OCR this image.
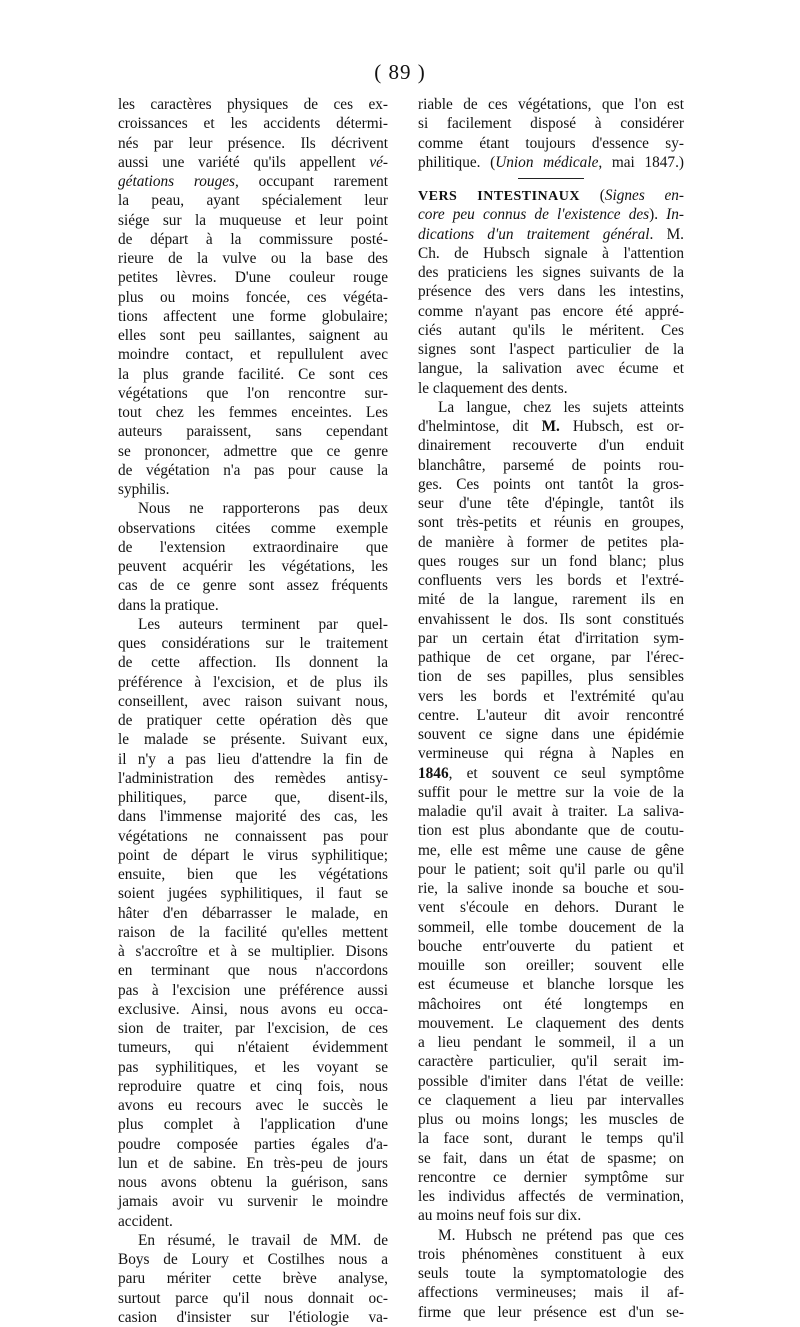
( 89 )
les caractères physiques de ces ex-
croissances et les accidents détermi-
nés par leur présence. Ils décrivent
aussi une variété qu'ils appellent vé-
gétations rouges, occupant rarement
la peau, ayant spécialement leur
siége sur la muqueuse et leur point
de départ à la commissure posté-
rieure de la vulve ou la base des
petites lèvres. D'une couleur rouge
plus ou moins foncée, ces végéta-
tions affectent une forme globulaire;
elles sont peu saillantes, saignent au
moindre contact, et repullulent avec
la plus grande facilité. Ce sont ces
végétations que l'on rencontre sur-
tout chez les femmes enceintes. Les
auteurs paraissent, sans cependant
se prononcer, admettre que ce genre
de végétation n'a pas pour cause la
syphilis.
Nous ne rapporterons pas deux
observations citées comme exemple
de l'extension extraordinaire que
peuvent acquérir les végétations, les
cas de ce genre sont assez fréquents
dans la pratique.
Les auteurs terminent par quel-
ques considérations sur le traitement
de cette affection. Ils donnent la
préférence à l'excision, et de plus ils
conseillent, avec raison suivant nous,
de pratiquer cette opération dès que
le malade se présente. Suivant eux,
il n'y a pas lieu d'attendre la fin de
l'administration des remèdes antisy-
philitiques, parce que, disent-ils,
dans l'immense majorité des cas, les
végétations ne connaissent pas pour
point de départ le virus syphilitique;
ensuite, bien que les végétations
soient jugées syphilitiques, il faut se
hâter d'en débarrasser le malade, en
raison de la facilité qu'elles mettent
à s'accroître et à se multiplier. Disons
en terminant que nous n'accordons
pas à l'excision une préférence aussi
exclusive. Ainsi, nous avons eu occa-
sion de traiter, par l'excision, de ces
tumeurs, qui n'étaient évidemment
pas syphilitiques, et les voyant se
reproduire quatre et cinq fois, nous
avons eu recours avec le succès le
plus complet à l'application d'une
poudre composée parties égales d'a-
lun et de sabine. En très-peu de jours
nous avons obtenu la guérison, sans
jamais avoir vu survenir le moindre
accident.
En résumé, le travail de MM. de
Boys de Loury et Costilhes nous a
paru mériter cette brève analyse,
surtout parce qu'il nous donnait oc-
casion d'insister sur l'étiologie va-
riable de ces végétations, que l'on est
si facilement disposé à considérer
comme étant toujours d'essence sy-
philitique. (Union médicale, mai 1847.)
VERS INTESTINAUX (Signes en-
core peu connus de l'existence des). In-
dications d'un traitement général. M.
Ch. de Hubsch signale à l'attention
des praticiens les signes suivants de la
présence des vers dans les intestins,
comme n'ayant pas encore été appré-
ciés autant qu'ils le méritent. Ces
signes sont l'aspect particulier de la
langue, la salivation avec écume et
le claquement des dents.
La langue, chez les sujets atteints
d'helmintose, dit M. Hubsch, est or-
dinairement recouverte d'un enduit
blanchâtre, parsemé de points rou-
ges. Ces points ont tantôt la gros-
seur d'une tête d'épingle, tantôt ils
sont très-petits et réunis en groupes,
de manière à former de petites pla-
ques rouges sur un fond blanc; plus
confluents vers les bords et l'extré-
mité de la langue, rarement ils en
envahissent le dos. Ils sont constitués
par un certain état d'irritation sym-
pathique de cet organe, par l'érec-
tion de ses papilles, plus sensibles
vers les bords et l'extrémité qu'au
centre. L'auteur dit avoir rencontré
souvent ce signe dans une épidémie
vermineuse qui régna à Naples en
1846, et souvent ce seul symptôme
suffit pour le mettre sur la voie de la
maladie qu'il avait à traiter. La saliva-
tion est plus abondante que de coutu-
me, elle est même une cause de gêne
pour le patient; soit qu'il parle ou qu'il
rie, la salive inonde sa bouche et sou-
vent s'écoule en dehors. Durant le
sommeil, elle tombe doucement de la
bouche entr'ouverte du patient et
mouille son oreiller; souvent elle
est écumeuse et blanche lorsque les
mâchoires ont été longtemps en
mouvement. Le claquement des dents
a lieu pendant le sommeil, il a un
caractère particulier, qu'il serait im-
possible d'imiter dans l'état de veille:
ce claquement a lieu par intervalles
plus ou moins longs; les muscles de
la face sont, durant le temps qu'il
se fait, dans un état de spasme; on
rencontre ce dernier symptôme sur
les individus affectés de vermination,
au moins neuf fois sur dix.
M. Hubsch ne prétend pas que ces
trois phénomènes constituent à eux
seuls toute la symptomatologie des
affections vermineuses; mais il af-
firme que leur présence est d'un se-
